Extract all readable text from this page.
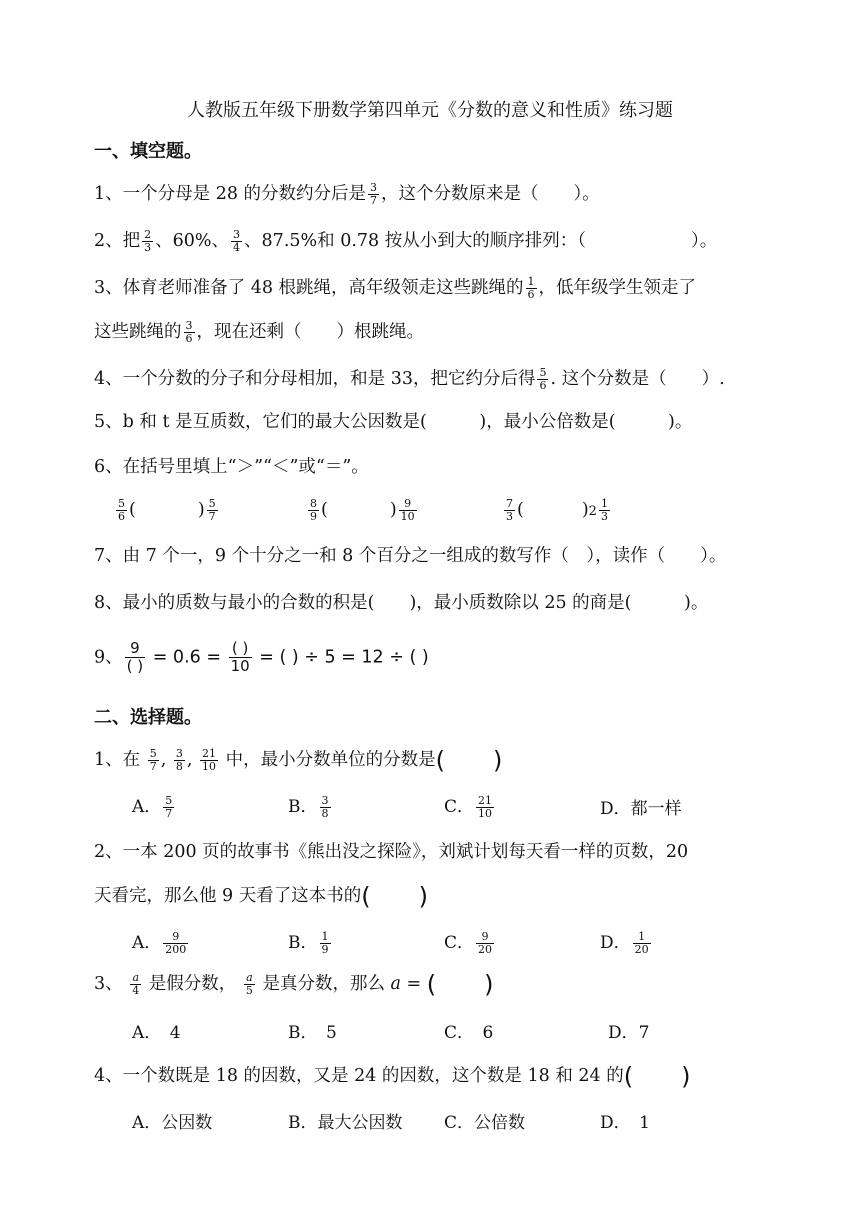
人教版五年级下册数学第四单元《分数的意义和性质》练习题
一、填空题。
1、一个分母是 28 的分数约分后是 $\frac{3}{7}$ ，这个分数原来是（　　）。
2、把 $\frac{2}{3}$ 、60%、 $\frac{3}{4}$ 、87.5%和 0.78 按从小到大的顺序排列：（　　　　　　）。
3、体育老师准备了 48 根跳绳，高年级领走这些跳绳的 $\frac{1}{6}$ ，低年级学生领走了
这些跳绳的 $\frac{3}{6}$ ，现在还剩（　　）根跳绳。
4、一个分数的分子和分母相加，和是 33，把它约分后得 $\frac{5}{6}$ . 这个分数是（　　）.
5、b 和 t 是互质数，它们的最大公因数是(　　　)，最小公倍数是(　　　)。
6、在括号里填上“＞”“＜”或“＝”。
$\frac{5}{6}$ (	) $\frac{5}{7}$	$\frac{8}{9}$ (	) $\frac{9}{10}$	$\frac{7}{3}$ (	)$2 \frac{1}{3}$
7、由 7 个一，9 个十分之一和 8 个百分之一组成的数写作（　），读作（　　）。
8、最小的质数与最小的合数的积是(　　)，最小质数除以 25 的商是(　　　)。
9、 9
( ) = 0.6 = ( )
10 = ( ) ÷ 5 = 12 ÷ ( )
二、选择题。
1、在 $\frac{5}{7}$ , $\frac{3}{8}$ , $\frac{21}{10}$ 中，最小分数单位的分数是(　　)
A． $\frac{5}{7}$	B． $\frac{3}{8}$	C． $\frac{21}{10}$	D．都一样
2、一本 200 页的故事书《熊出没之探险》，刘斌计划每天看一样的页数，20
天看完，那么他 9 天看了这本书的(　　)
A． $\frac{9}{200}$	B． $\frac{1}{9}$	C． $\frac{9}{20}$	D． $\frac{1}{20}$
3、 $\frac{a}{4}$ 是假分数， $\frac{a}{5}$ 是真分数，那么 a = (　　)
A．　4	B．　5	C．　6	D．7
4、一个数既是 18 的因数，又是 24 的因数，这个数是 18 和 24 的(　　)
A．公因数	B．最大公因数 C．公倍数	D．　1
